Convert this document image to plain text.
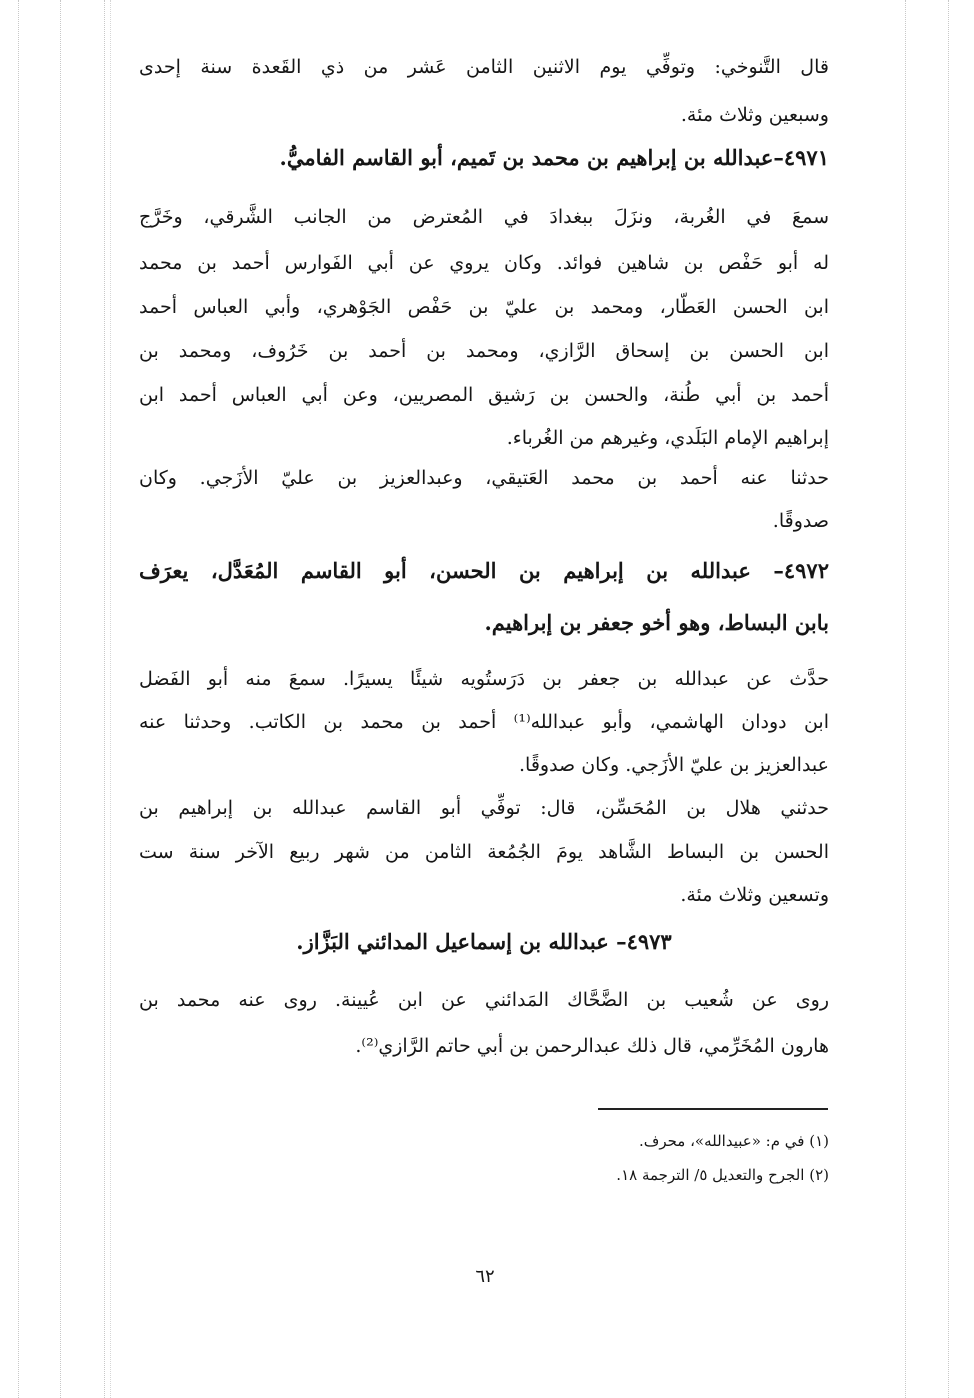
قال التَّنوخي: وتوفِّي يوم الاثنين الثامن عَشر من ذي القَعدة سنة إحدى
وسبعين وثلاث مئة.
٤٩٧١–عبدالله بن إبراهيم بن محمد بن تَميم، أبو القاسم الفاميُّ.
سمعَ في الغُربة، ونزَلَ ببغدادَ في المُعترض من الجانب الشَّرقي، وخَرَّج
له أبو حَفْص بن شاهين فوائد. وكان يروي عن أبي الفَوارس أحمد بن محمد
ابن الحسن العَطّار، ومحمد بن عليّ بن حَفْص الجَوْهري، وأبي العباس أحمد
ابن الحسن بن إسحاق الرَّازي، ومحمد بن أحمد بن خَرُوف، ومحمد بن
أحمد بن أبي طُنة، والحسن بن رَشيق المصريين، وعن أبي العباس أحمد ابن
إبراهيم الإمام البَلَدي، وغيرهم من الغُرباء.
حدثنا عنه أحمد بن محمد العَتيقي، وعبدالعزيز بن عليّ الأزَجي. وكان
صدوقًا.
٤٩٧٢– عبدالله بن إبراهيم بن الحسن، أبو القاسم المُعَدَّل، يعرَف
بابن البساط، وهو أخو جعفر بن إبراهيم.
حدَّث عن عبدالله بن جعفر بن دَرَستُويه شيئًا يسيرًا. سمعَ منه أبو الفَضل
ابن دودان الهاشمي، وأبو عبدالله⁽¹⁾ أحمد بن محمد بن الكاتب. وحدثنا عنه
عبدالعزيز بن عليّ الأزَجي. وكان صدوقًا.
حدثني هلال بن المُحَسِّن، قال: توفِّي أبو القاسم عبدالله بن إبراهيم بن
الحسن بن البساط الشَّاهد يومَ الجُمُعة الثامن من شهر ربيع الآخر سنة ست
وتسعين وثلاث مئة.
٤٩٧٣– عبدالله بن إسماعيل المدائني البَزَّاز.
روى عن شُعيب بن الضَّحَّاك المَدائني عن ابن عُيينة. روى عنه محمد بن
هارون المُخَرِّمي، قال ذلك عبدالرحمن بن أبي حاتم الرَّازي⁽²⁾.
(١) في م: «عبيدالله»، محرف.
(٢) الجرح والتعديل ٥/ الترجمة ١٨.
٦٢
